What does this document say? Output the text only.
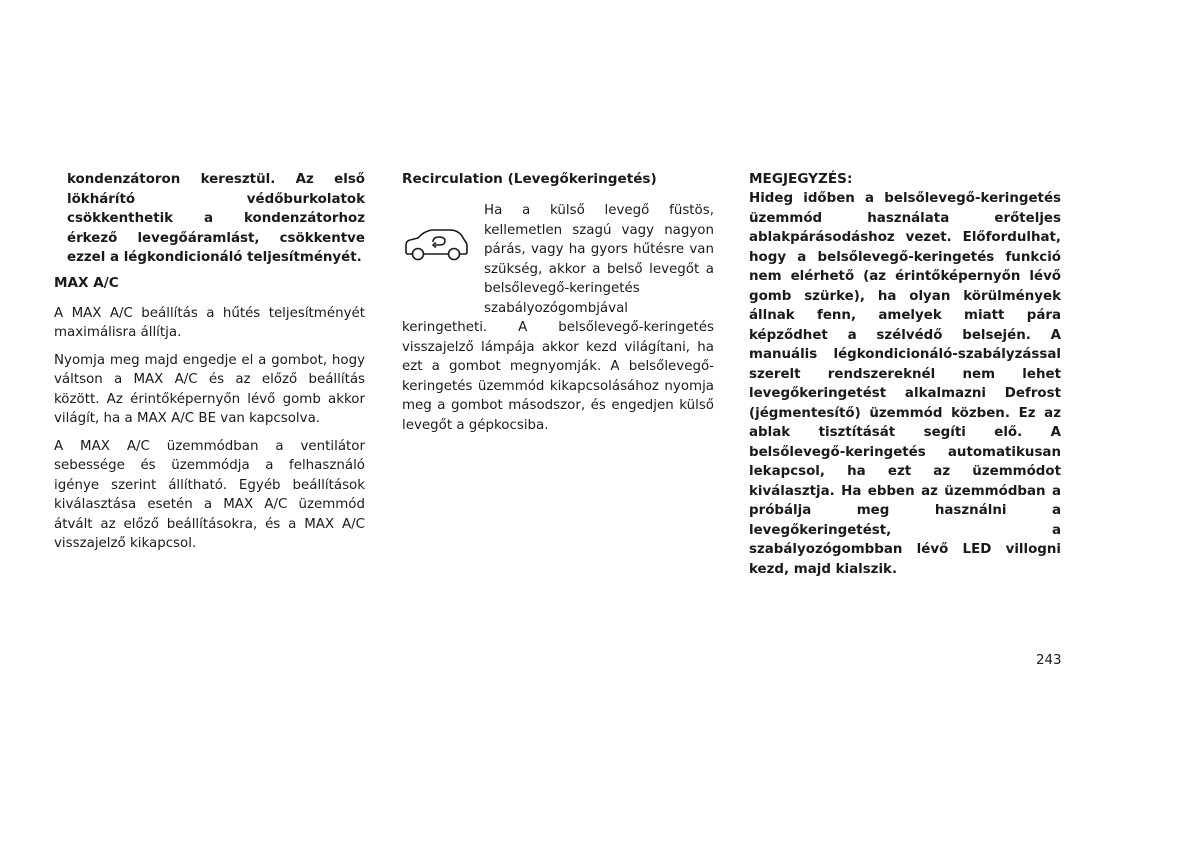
kondenzátoron keresztül. Az első lökhárító védőburkolatok csökkenthetik a kondenzátorhoz érkező levegőáramlást, csökkentve ezzel a légkondicionáló teljesítményét.

MAX A/C

A MAX A/C beállítás a hűtés teljesítményét maximálisra állítja.

Nyomja meg majd engedje el a gombot, hogy váltson a MAX A/C és az előző beállítás között. Az érintőképernyőn lévő gomb akkor világít, ha a MAX A/C BE van kapcsolva.

A MAX A/C üzemmódban a ventilátor sebessége és üzemmódja a felhasználó igénye szerint állítható. Egyéb beállítások kiválasztása esetén a MAX A/C üzemmód átvált az előző beállításokra, és a MAX A/C visszajelző kikapcsol.

Recirculation (Levegőkeringetés)

Ha a külső levegő füstös, kellemetlen szagú vagy nagyon párás, vagy ha gyors hűtésre van szükség, akkor a belső levegőt a belsőlevegő-keringetés szabályozógombjával keringetheti. A belsőlevegő-keringetés visszajelző lámpája akkor kezd világítani, ha ezt a gombot megnyomják. A belsőlevegő-keringetés üzemmód kikapcsolásához nyomja meg a gombot másodszor, és engedjen külső levegőt a gépkocsiba.

MEGJEGYZÉS:

Hideg időben a belsőlevegő-keringetés üzemmód használata erőteljes ablakpárásodáshoz vezet. Előfordulhat, hogy a belsőlevegő-keringetés funkció nem elérhető (az érintőképernyőn lévő gomb szürke), ha olyan körülmények állnak fenn, amelyek miatt pára képződhet a szélvédő belsején. A manuális légkondicionáló-szabályzással szerelt rendszereknél nem lehet levegőkeringetést alkalmazni Defrost (jégmentesítő) üzemmód közben. Ez az ablak tisztítását segíti elő. A belsőlevegő-keringetés automatikusan lekapcsol, ha ezt az üzemmódot kiválasztja. Ha ebben az üzemmódban a próbálja meg használni a levegőkeringetést, a szabályozógombban lévő LED villogni kezd, majd kialszik.

243
